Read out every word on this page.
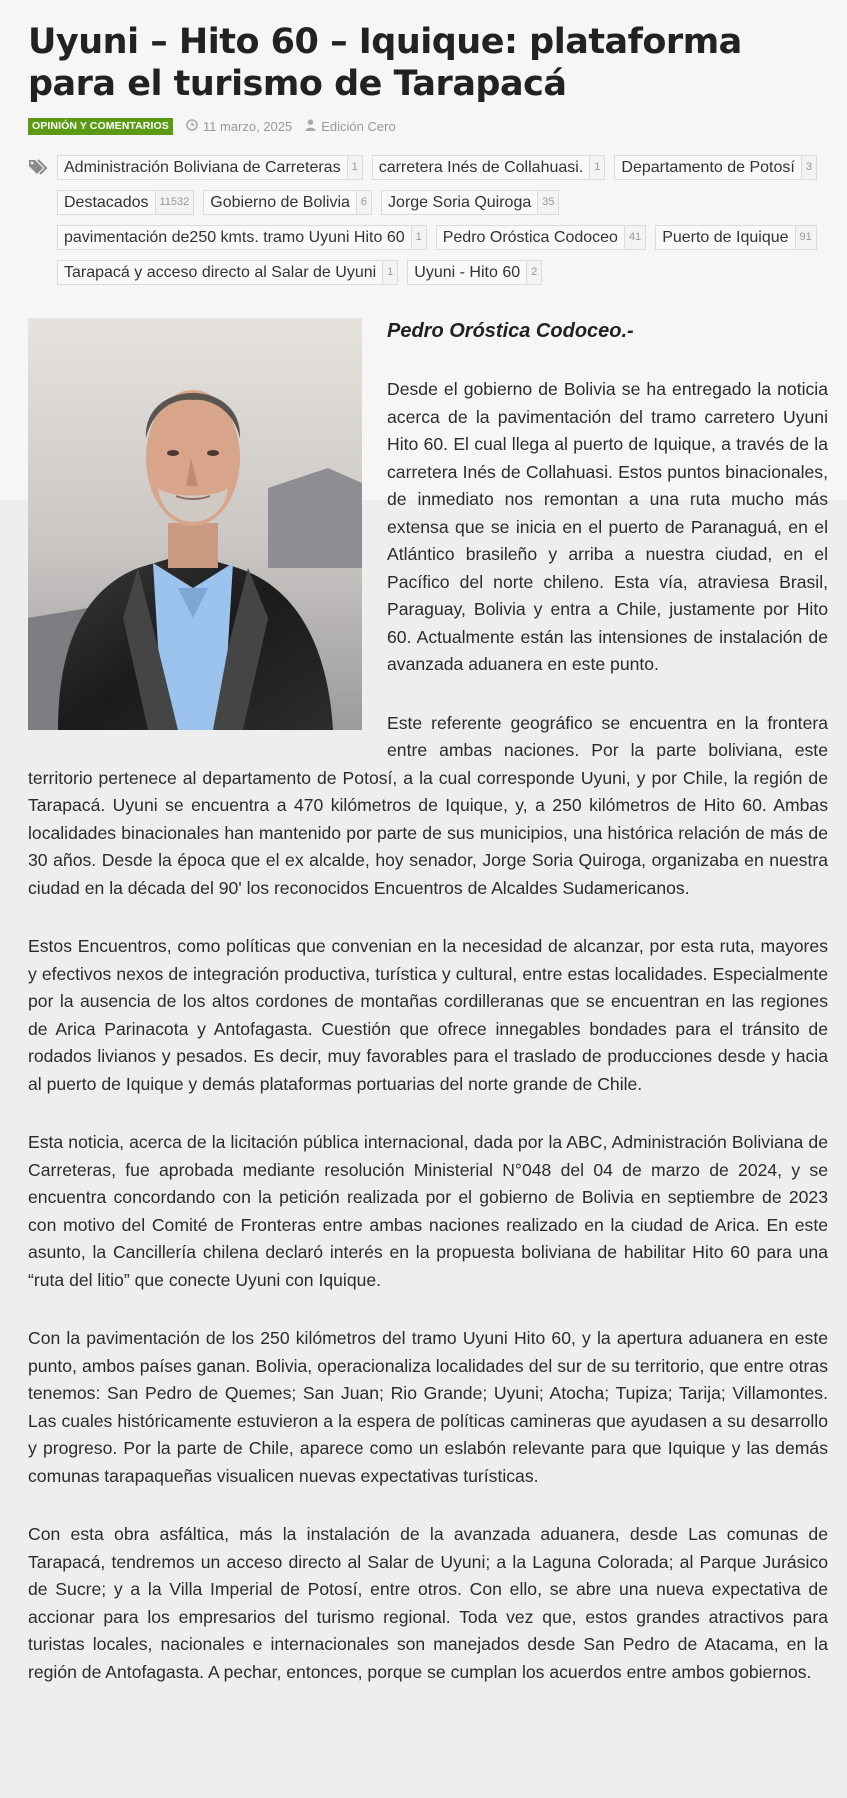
Uyuni – Hito 60 – Iquique: plataforma para el turismo de Tarapacá
OPINIÓN Y COMENTARIOS	11 marzo, 2025 Edición Cero
Administración Boliviana de Carreteras	1	carretera Inés de Collahuasi.	1	Departamento de Potosí	3
Destacados	11532	Gobierno de Bolivia	6	Jorge Soria Quiroga	35
pavimentación de250 kmts. tramo Uyuni Hito 60	1	Pedro Oróstica Codoceo	41	Puerto de Iquique	91
Tarapacá y acceso directo al Salar de Uyuni	1	Uyuni - Hito 60	2
Pedro Oróstica Codoceo.-

Desde el gobierno de Bolivia se ha entregado la noticia acerca de la pavimentación del tramo carretero Uyuni Hito 60. El cual llega al puerto de Iquique, a través de la carretera Inés de Collahuasi. Estos puntos binacionales, de inmediato nos remontan a una ruta mucho más extensa que se inicia en el puerto de Paranaguá, en el Atlántico brasileño y arriba a nuestra ciudad, en el Pacífico del norte chileno. Esta vía, atraviesa Brasil, Paraguay, Bolivia y entra a Chile, justamente por Hito 60. Actualmente están las intensiones de instalación de avanzada aduanera en este punto.

Este referente geográfico se encuentra en la frontera entre ambas naciones. Por la parte boliviana, este territorio pertenece al departamento de Potosí, a la cual corresponde Uyuni, y por Chile, la región de Tarapacá. Uyuni se encuentra a 470 kilómetros de Iquique, y, a 250 kilómetros de Hito 60. Ambas localidades binacionales han mantenido por parte de sus municipios, una histórica relación de más de 30 años. Desde la época que el ex alcalde, hoy senador, Jorge Soria Quiroga, organizaba en nuestra ciudad en la década del 90' los reconocidos Encuentros de Alcaldes Sudamericanos.

Estos Encuentros, como políticas que convenian en la necesidad de alcanzar, por esta ruta, mayores y efectivos nexos de integración productiva, turística y cultural, entre estas localidades. Especialmente por la ausencia de los altos cordones de montañas cordilleranas que se encuentran en las regiones de Arica Parinacota y Antofagasta. Cuestión que ofrece innegables bondades para el tránsito de rodados livianos y pesados. Es decir, muy favorables para el traslado de producciones desde y hacia al puerto de Iquique y demás plataformas portuarias del norte grande de Chile.

Esta noticia, acerca de la licitación pública internacional, dada por la ABC, Administración Boliviana de Carreteras, fue aprobada mediante resolución Ministerial N°048 del 04 de marzo de 2024, y se encuentra concordando con la petición realizada por el gobierno de Bolivia en septiembre de 2023 con motivo del Comité de Fronteras entre ambas naciones realizado en la ciudad de Arica. En este asunto, la Cancillería chilena declaró interés en la propuesta boliviana de habilitar Hito 60 para una “ruta del litio” que conecte Uyuni con Iquique.

Con la pavimentación de los 250 kilómetros del tramo Uyuni Hito 60, y la apertura aduanera en este punto, ambos países ganan. Bolivia, operacionaliza localidades del sur de su territorio, que entre otras tenemos: San Pedro de Quemes; San Juan; Rio Grande; Uyuni; Atocha; Tupiza; Tarija; Villamontes. Las cuales históricamente estuvieron a la espera de políticas camineras que ayudasen a su desarrollo y progreso. Por la parte de Chile, aparece como un eslabón relevante para que Iquique y las demás comunas tarapaqueñas visualicen nuevas expectativas turísticas.

Con esta obra asfáltica, más la instalación de la avanzada aduanera, desde Las comunas de Tarapacá, tendremos un acceso directo al Salar de Uyuni; a la Laguna Colorada; al Parque Jurásico de Sucre; y a la Villa Imperial de Potosí, entre otros. Con ello, se abre una nueva expectativa de accionar para los empresarios del turismo regional. Toda vez que, estos grandes atractivos para turistas locales, nacionales e internacionales son manejados desde San Pedro de Atacama, en la región de Antofagasta. A pechar, entonces, porque se cumplan los acuerdos entre ambos gobiernos.
